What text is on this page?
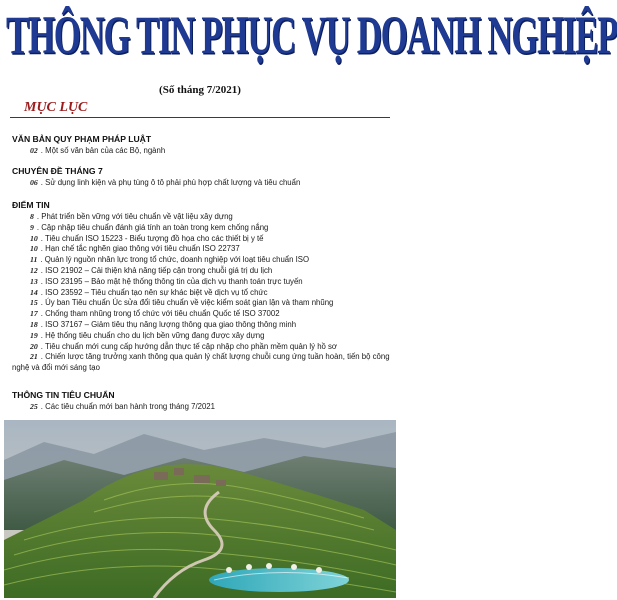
THÔNG TIN PHỤC VỤ DOANH NGHIỆP
(Số tháng 7/2021)
MỤC LỤC
VĂN BẢN QUY PHẠM PHÁP LUẬT
02 . Một số văn bản của các Bộ, ngành
CHUYÊN ĐỀ THÁNG 7
06 . Sử dụng linh kiện và phụ tùng ô tô phải phù hợp chất lượng và tiêu chuẩn
ĐIỂM TIN
8 . Phát triển bền vững với tiêu chuẩn về vật liệu xây dựng
9 . Cập nhập tiêu chuẩn đánh giá tính an toàn trong kem chống nắng
10 . Tiêu chuẩn ISO 15223 - Biểu tượng đồ họa cho các thiết bị y tế
10 . Hạn chế tắc nghẽn giao thông với tiêu chuẩn ISO 22737
11 . Quản lý nguồn nhân lực trong tổ chức, doanh nghiệp với loạt tiêu chuẩn ISO
12 . ISO 21902 – Cải thiện khả năng tiếp cận trong chuỗi giá trị du lịch
13 . ISO 23195 – Bảo mật hệ thống thông tin của dịch vụ thanh toán trực tuyến
14 . ISO 23592 – Tiêu chuẩn tạo nên sự khác biệt về dịch vụ tổ chức
15 . Úy ban Tiêu chuẩn Úc sửa đổi tiêu chuẩn về việc kiểm soát gian lận và tham nhũng
17 . Chống tham nhũng trong tổ chức với tiêu chuẩn Quốc tế ISO 37002
18 . ISO 37167 – Giảm tiêu thụ năng lượng thông qua giao thông thông minh
19 . Hệ thống tiêu chuẩn cho du lịch bền vững đang được xây dựng
20 . Tiêu chuẩn mới cung cấp hướng dẫn thực tế cập nhập cho phần mềm quản lý hồ sơ
21 . Chiến lược tăng trưởng xanh thông qua quản lý chất lượng chuỗi cung ứng tuần hoàn, tiến bộ công nghệ và đổi mới sáng tạo
THÔNG TIN TIÊU CHUẨN
25 . Các tiêu chuẩn mới ban hành trong tháng 7/2021
